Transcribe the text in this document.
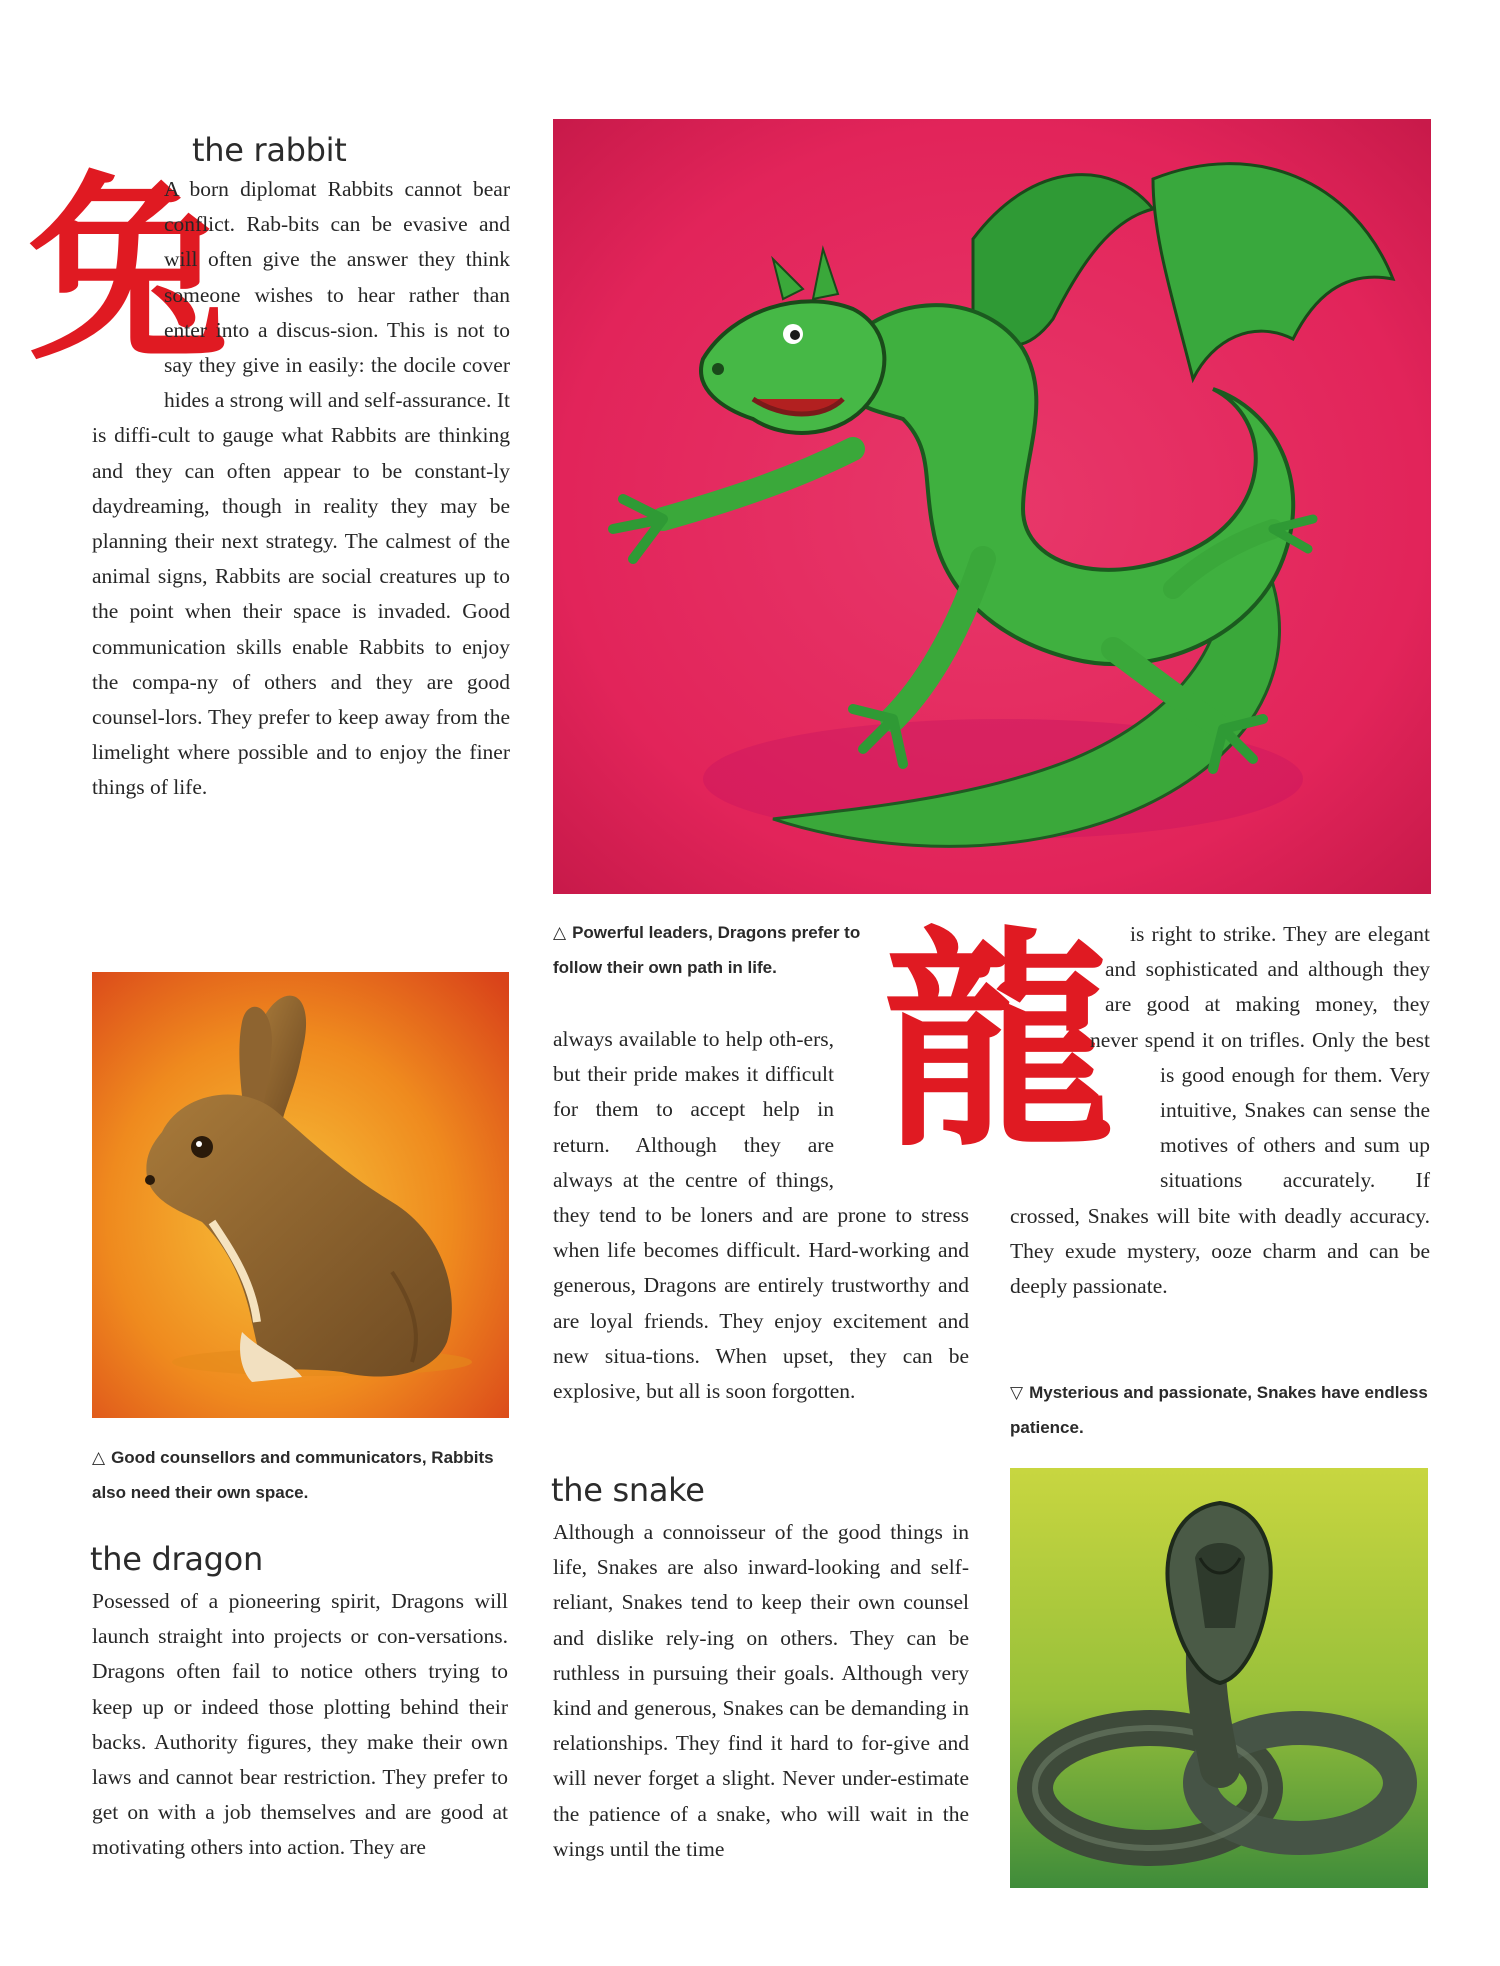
兔
the rabbit

A born diplomat Rabbits cannot bear conflict. Rab-bits can be evasive and will often give the answer they think someone wishes to hear rather than enter into a discus-sion. This is not to say they give in easily: the docile cover hides a strong will and self-assurance. It is diffi-cult to gauge what Rabbits are thinking and they can often appear to be constant-ly daydreaming, though in reality they may be planning their next strategy. The calmest of the animal signs, Rabbits are social creatures up to the point when their space is invaded. Good communication skills enable Rabbits to enjoy the compa-ny of others and they are good counsel-lors. They prefer to keep away from the limelight where possible and to enjoy the finer things of life.

△ Good counsellors and communicators, Rabbits also need their own space.

the dragon

Posessed of a pioneering spirit, Dragons will launch straight into projects or con-versations. Dragons often fail to notice others trying to keep up or indeed those plotting behind their backs. Authority figures, they make their own laws and cannot bear restriction. They prefer to get on with a job themselves and are good at motivating others into action. They are

△ Powerful leaders, Dragons prefer to follow their own path in life. 龍

always available to help oth-ers, but their pride makes it difficult for them to accept help in return. Although they are always at the centre of things, they tend to be loners and are prone to stress when life becomes difficult. Hard-working and generous, Dragons are entirely trustworthy and are loyal friends. They enjoy excitement and new situa-tions. When upset, they can be explosive, but all is soon forgotten.

the snake

Although a connoisseur of the good things in life, Snakes are also inward-looking and self-reliant, Snakes tend to keep their own counsel and dislike rely-ing on others. They can be ruthless in pursuing their goals. Although very kind and generous, Snakes can be demanding in relationships. They find it hard to for-give and will never forget a slight. Never under-estimate the patience of a snake, who will wait in the wings until the time

is right to strike. They are elegant and sophisticated and although they are good at making money, they never spend it on trifles. Only the best is good enough for them. Very intuitive, Snakes can sense the motives of others and sum up situations accurately. If crossed, Snakes will bite with deadly accuracy. They exude mystery, ooze charm and can be deeply passionate.

▽ Mysterious and passionate, Snakes have endless patience.
